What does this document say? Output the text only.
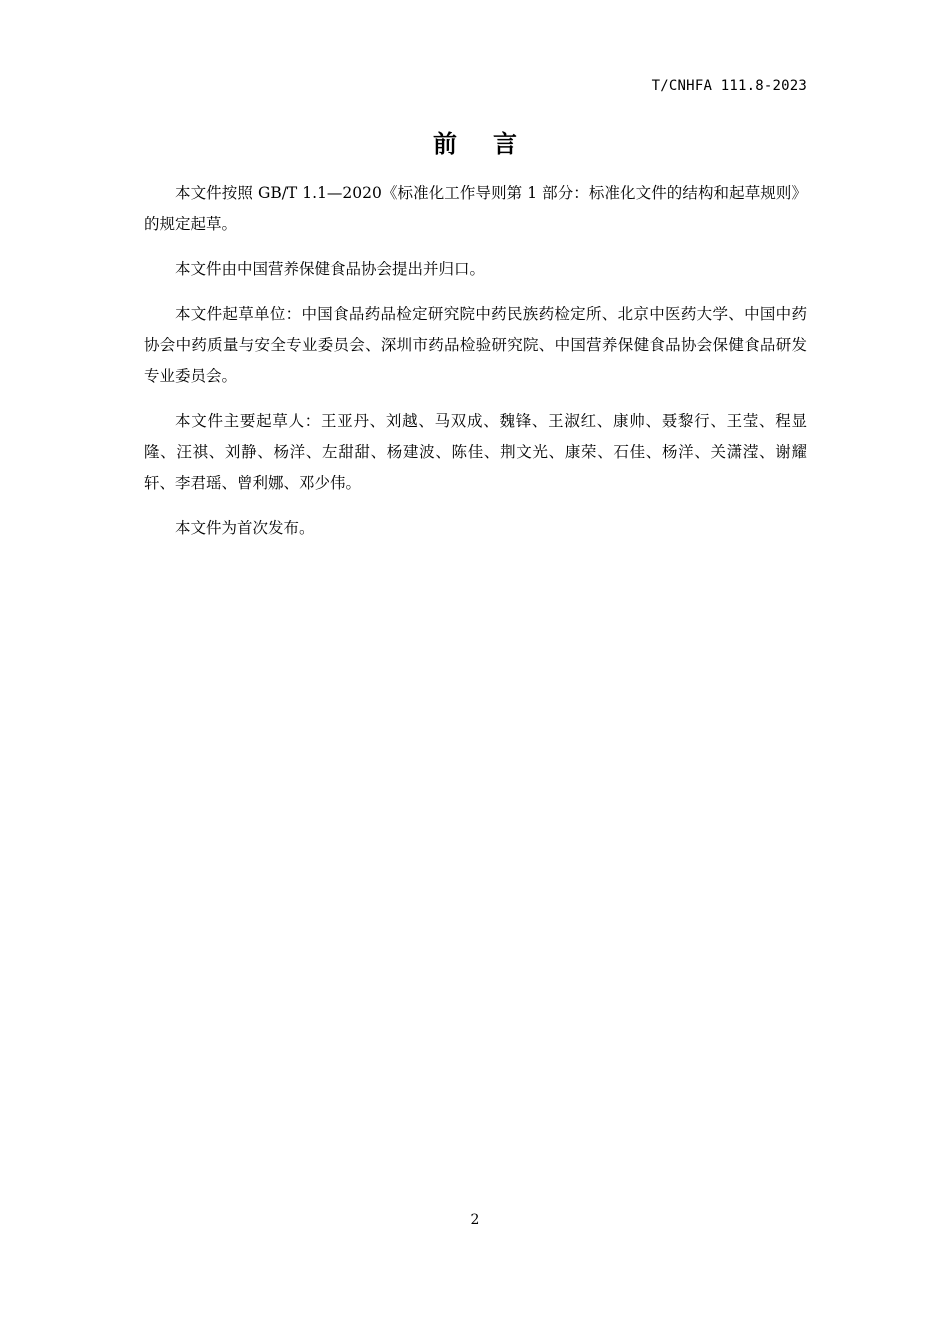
T/CNHFA 111.8-2023
前言

本文件按照 GB/T 1.1—2020《标准化工作导则第 1 部分：标准化文件的结构和起草规则》的规定起草。

本文件由中国营养保健食品协会提出并归口。

本文件起草单位：中国食品药品检定研究院中药民族药检定所、北京中医药大学、中国中药协会中药质量与安全专业委员会、深圳市药品检验研究院、中国营养保健食品协会保健食品研发专业委员会。

本文件主要起草人：王亚丹、刘越、马双成、魏锋、王淑红、康帅、聂黎行、王莹、程显隆、汪祺、刘静、杨洋、左甜甜、杨建波、陈佳、荆文光、康荣、石佳、杨洋、关潇滢、谢耀轩、李君瑶、曾利娜、邓少伟。

本文件为首次发布。

2
